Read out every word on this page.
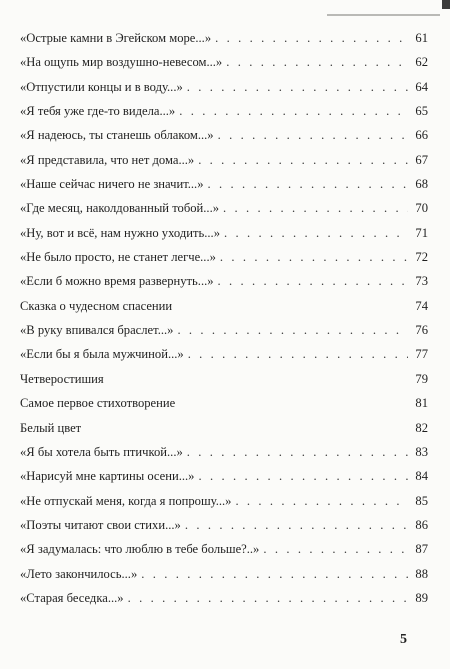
«Острые камни в Эгейском море...» . . .	61
«На ощупь мир воздушно-невесом...» . . .	62
«Отпустили концы и в воду...» . . .	64
«Я тебя уже где-то видела...» . . .	65
«Я надеюсь, ты станешь облаком...» . . .	66
«Я представила, что нет дома...» . . .	67
«Наше сейчас ничего не значит...» . . .	68
«Где месяц, наколдованный тобой...» . . .	70
«Ну, вот и всё, нам нужно уходить...» . . .	71
«Не было просто, не станет легче...» . . .	72
«Если б можно время развернуть...» . . .	73
Сказка о чудесном спасении	74
«В руку впивался браслет...» . . .	76
«Если бы я была мужчиной...» . . .	77
Четверостишия	79
Самое первое стихотворение	81
Белый цвет	82
«Я бы хотела быть птичкой...» . . .	83
«Нарисуй мне картины осени...» . . .	84
«Не отпускай меня, когда я попрошу...» . . .	85
«Поэты читают свои стихи...» . . .	86
«Я задумалась: что люблю в тебе больше?..» . . .	87
«Лето закончилось...» . . .	88
«Старая беседка...» . . .	89
5
